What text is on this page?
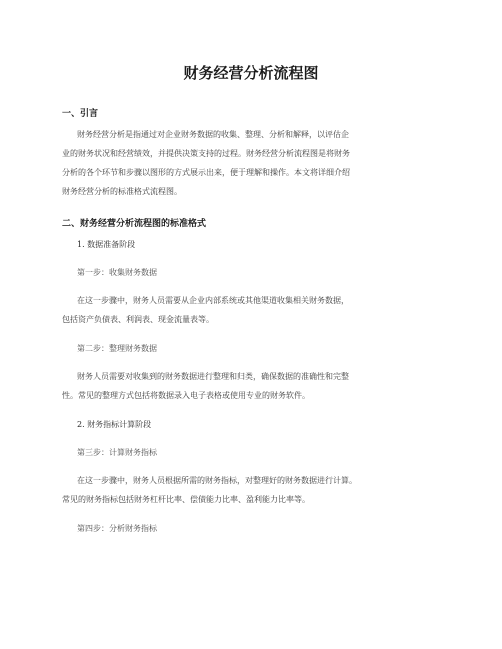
财务经营分析流程图
一、引言
财务经营分析是指通过对企业财务数据的收集、整理、分析和解释，以评估企
业的财务状况和经营绩效，并提供决策支持的过程。财务经营分析流程图是将财务
分析的各个环节和步骤以图形的方式展示出来，便于理解和操作。本文将详细介绍
财务经营分析的标准格式流程图。
二、财务经营分析流程图的标准格式
1. 数据准备阶段
第一步：收集财务数据
在这一步骤中，财务人员需要从企业内部系统或其他渠道收集相关财务数据，
包括资产负债表、利润表、现金流量表等。
第二步：整理财务数据
财务人员需要对收集到的财务数据进行整理和归类，确保数据的准确性和完整
性。常见的整理方式包括将数据录入电子表格或使用专业的财务软件。
2. 财务指标计算阶段
第三步：计算财务指标
在这一步骤中，财务人员根据所需的财务指标，对整理好的财务数据进行计算。
常见的财务指标包括财务杠杆比率、偿债能力比率、盈利能力比率等。
第四步：分析财务指标
